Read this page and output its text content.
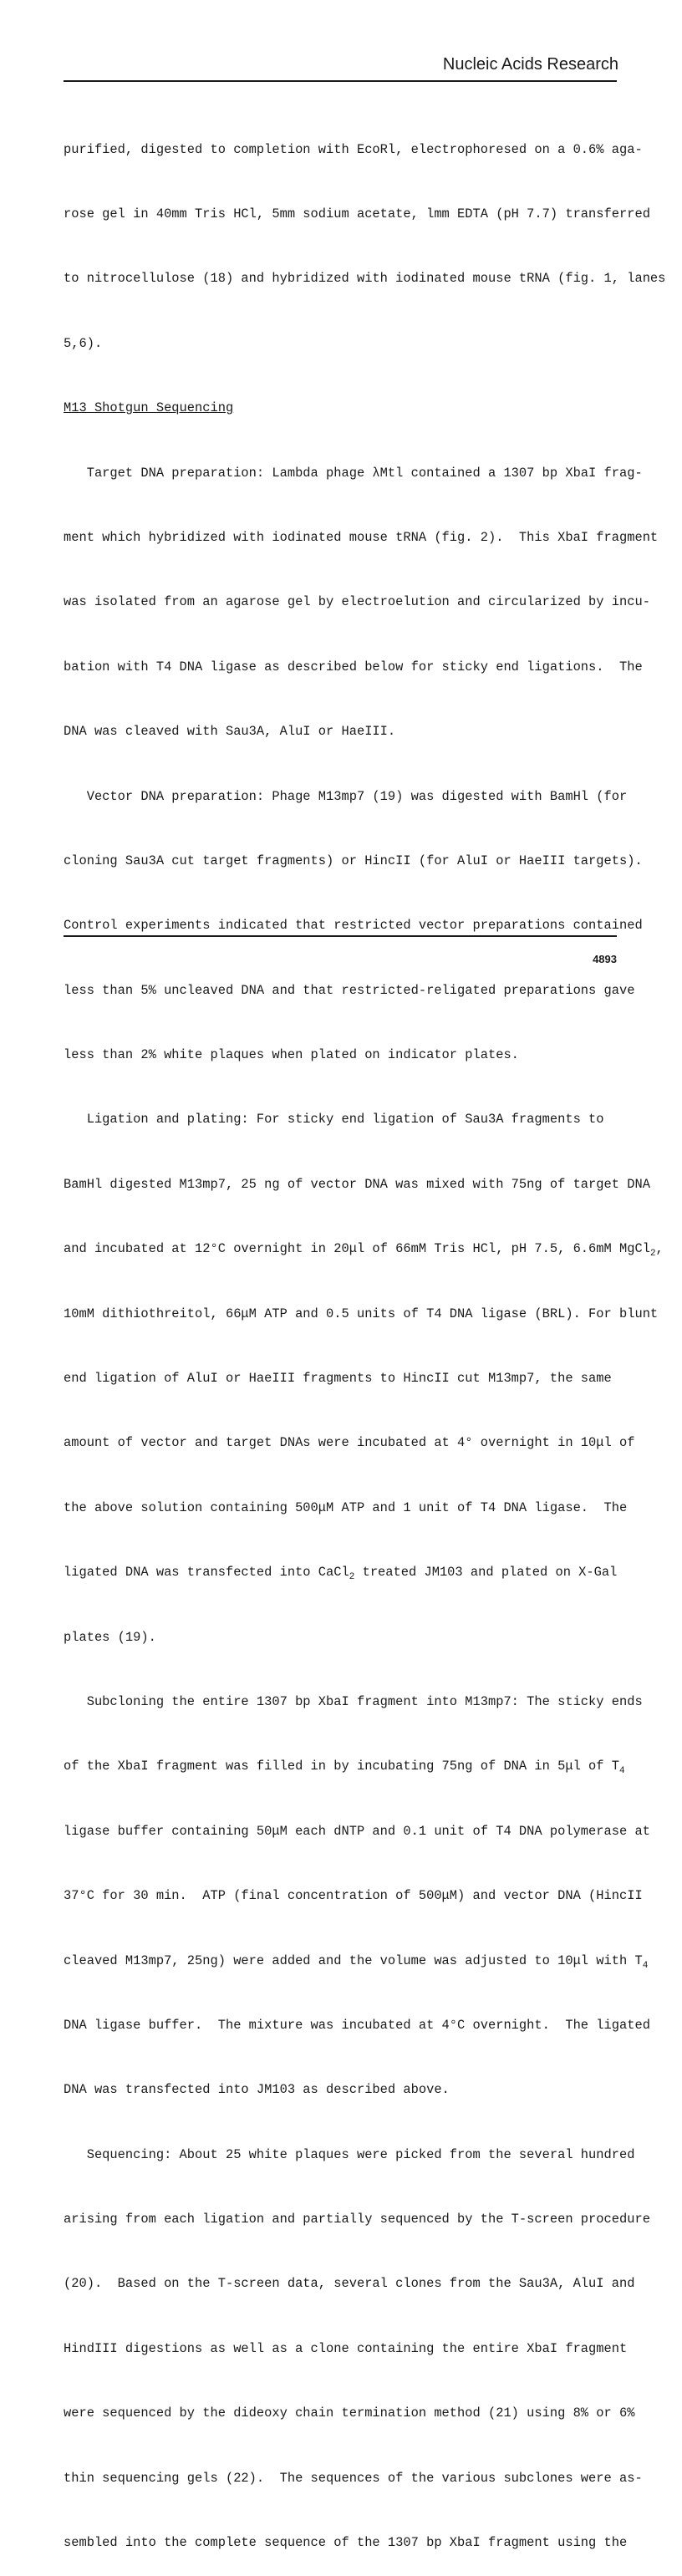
Nucleic Acids Research

purified, digested to completion with EcoRl, electrophoresed on a 0.6% aga-

rose gel in 40mm Tris HCl, 5mm sodium acetate, lmm EDTA (pH 7.7) transferred

to nitrocellulose (18) and hybridized with iodinated mouse tRNA (fig. 1, lanes

5,6).

M13 Shotgun Sequencing

Target DNA preparation: Lambda phage λMtl contained a 1307 bp XbaI frag-

ment which hybridized with iodinated mouse tRNA (fig. 2).  This XbaI fragment

was isolated from an agarose gel by electroelution and circularized by incu-

bation with T4 DNA ligase as described below for sticky end ligations.  The

DNA was cleaved with Sau3A, AluI or HaeIII.

Vector DNA preparation: Phage M13mp7 (19) was digested with BamHl (for

cloning Sau3A cut target fragments) or HincII (for AluI or HaeIII targets).

Control experiments indicated that restricted vector preparations contained

less than 5% uncleaved DNA and that restricted-religated preparations gave

less than 2% white plaques when plated on indicator plates.

Ligation and plating: For sticky end ligation of Sau3A fragments to

BamHl digested M13mp7, 25 ng of vector DNA was mixed with 75ng of target DNA

and incubated at 12°C overnight in 20μl of 66mM Tris HCl, pH 7.5, 6.6mM MgCl$_2$,

10mM dithiothreitol, 66μM ATP and 0.5 units of T4 DNA ligase (BRL). For blunt

end ligation of AluI or HaeIII fragments to HincII cut M13mp7, the same

amount of vector and target DNAs were incubated at 4° overnight in 10μl of

the above solution containing 500μM ATP and 1 unit of T4 DNA ligase.  The

ligated DNA was transfected into CaCl$_2$ treated JM103 and plated on X-Gal

plates (19).

Subcloning the entire 1307 bp XbaI fragment into M13mp7: The sticky ends

of the XbaI fragment was filled in by incubating 75ng of DNA in 5μl of $T_4$

ligase buffer containing 50μM each dNTP and 0.1 unit of T4 DNA polymerase at

37°C for 30 min.  ATP (final concentration of 500μM) and vector DNA (HincII

cleaved M13mp7, 25ng) were added and the volume was adjusted to 10μl with $T_4$

DNA ligase buffer.  The mixture was incubated at 4°C overnight.  The ligated

DNA was transfected into JM103 as described above.

Sequencing: About 25 white plaques were picked from the several hundred

arising from each ligation and partially sequenced by the T-screen procedure

(20).  Based on the T-screen data, several clones from the Sau3A, AluI and

HindIII digestions as well as a clone containing the entire XbaI fragment

were sequenced by the dideoxy chain termination method (21) using 8% or 6%

thin sequencing gels (22).  The sequences of the various subclones were as-

sembled into the complete sequence of the 1307 bp XbaI fragment using the

4893
